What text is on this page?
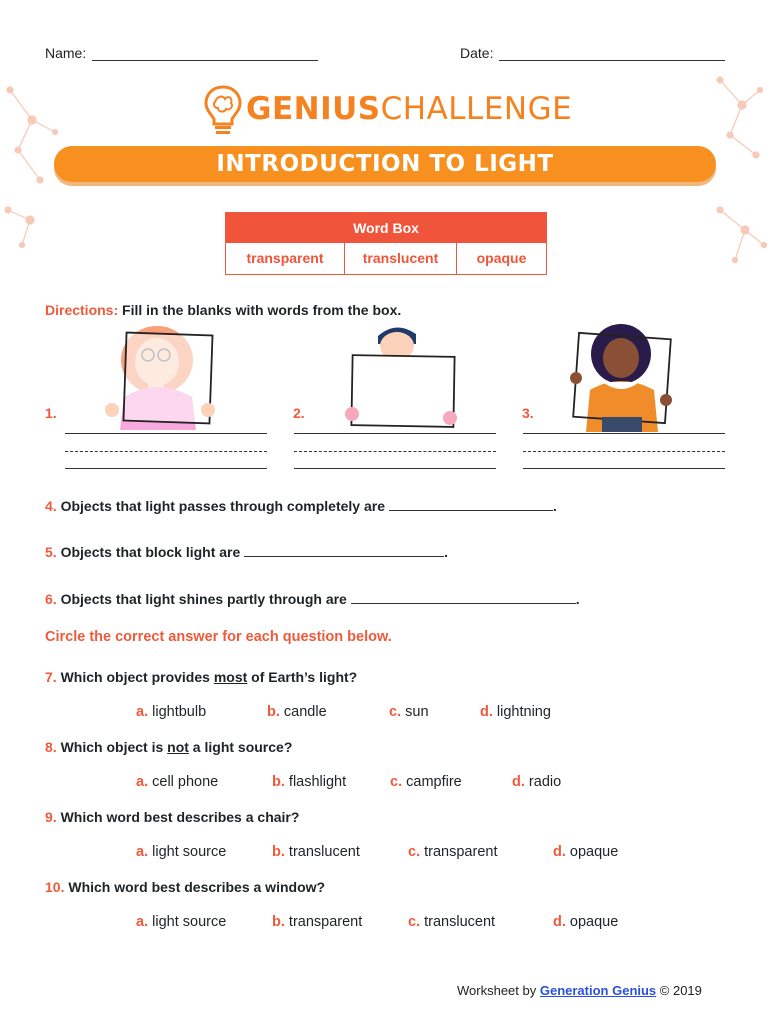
Name:	Date:
GENIUSCHALLENGE
INTRODUCTION TO LIGHT
Word Box
transparent	translucent	opaque
Directions: Fill in the blanks with words from the box.
1.	2.	3.
4. Objects that light passes through completely are	.
5. Objects that block light are	.
6. Objects that light shines partly through are	.
Circle the correct answer for each question below.
7. Which object provides most of Earth’s light?
a. lightbulb	b. candle	c. sun	d. lightning
8. Which object is not a light source?
a. cell phone	b. flashlight	c. campfire	d. radio
9. Which word best describes a chair?
a. light source	b. translucent	c. transparent	d. opaque
10. Which word best describes a window?
a. light source	b. transparent	c. translucent	d. opaque
Worksheet by Generation Genius © 2019
